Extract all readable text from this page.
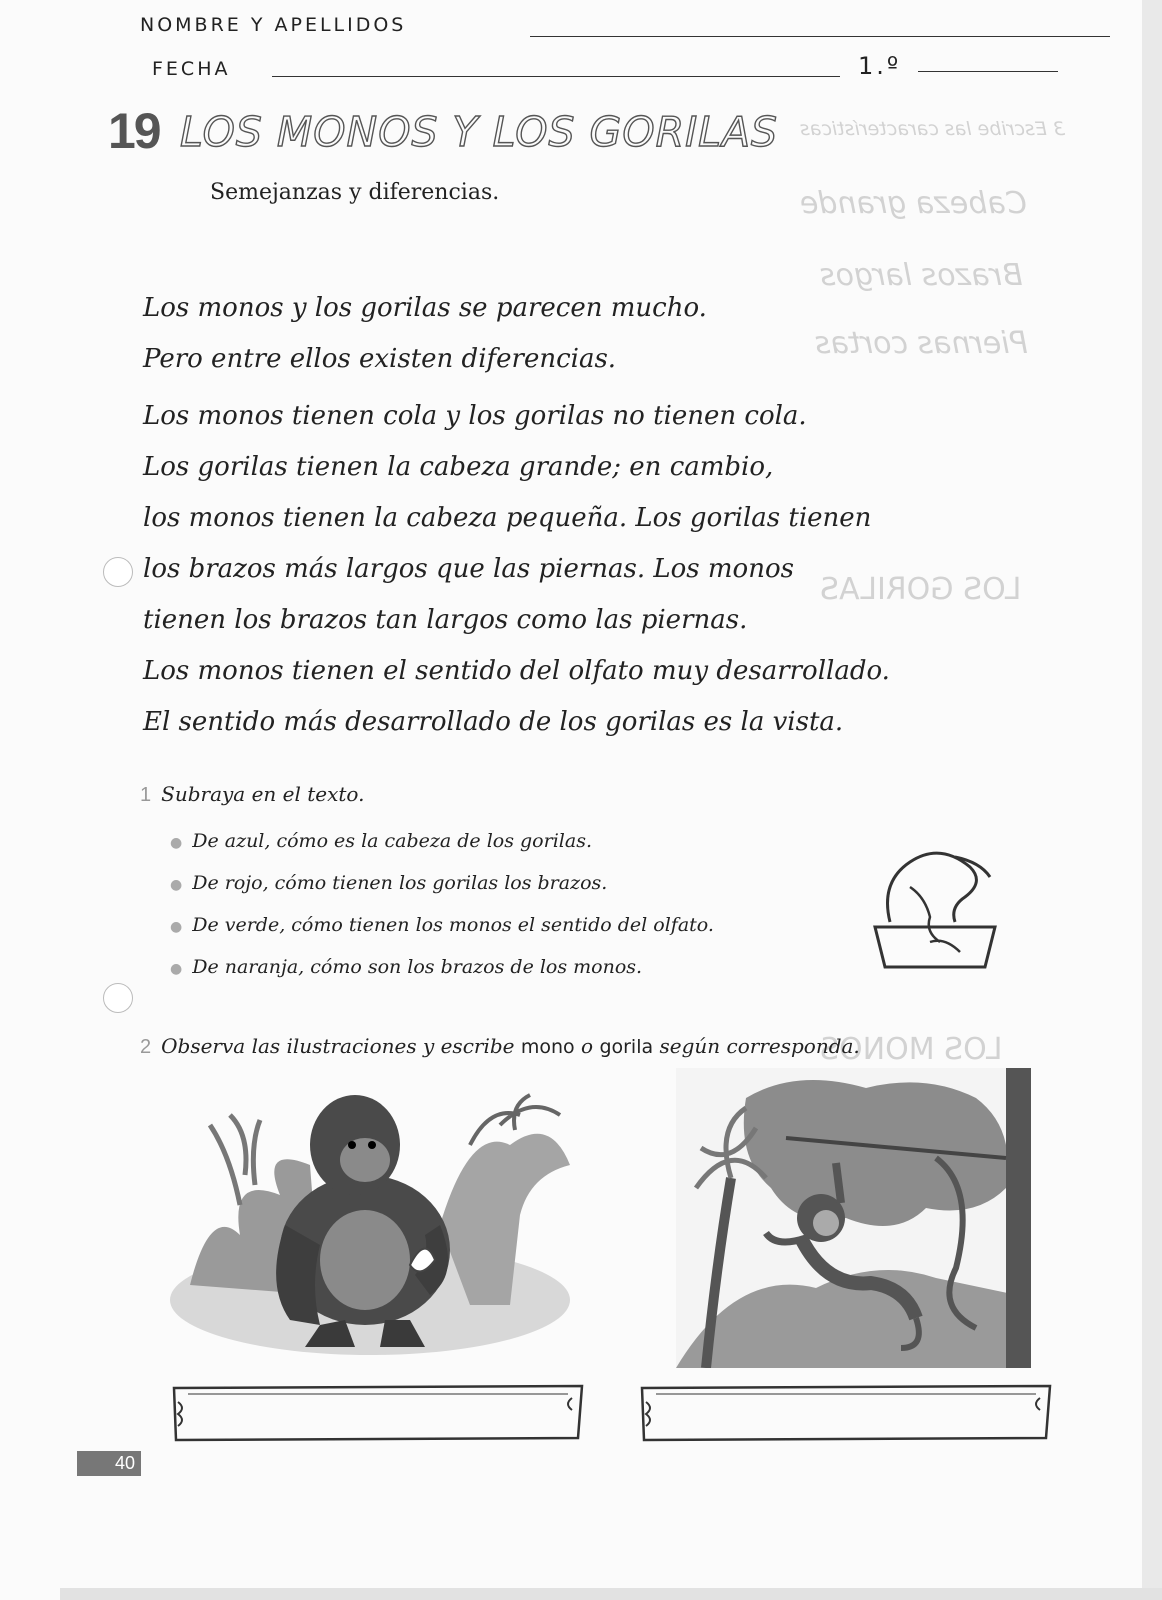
3 Escribe las características
Cabeza grande
Brazos largos
Piernas cortas
LOS GORILAS
LOS MONOS
NOMBRE Y APELLIDOS
FECHA	1.º
19 LOS MONOS Y LOS GORILAS
Semejanzas y diferencias.

Los monos y los gorilas se parecen mucho.

Pero entre ellos existen diferencias.

Los monos tienen cola y los gorilas no tienen cola.

Los gorilas tienen la cabeza grande; en cambio,

los monos tienen la cabeza pequeña. Los gorilas tienen

los brazos más largos que las piernas. Los monos

tienen los brazos tan largos como las piernas.

Los monos tienen el sentido del olfato muy desarrollado.

El sentido más desarrollado de los gorilas es la vista.

1 Subraya en el texto.
● De azul, cómo es la cabeza de los gorilas.
● De rojo, cómo tienen los gorilas los brazos.
● De verde, cómo tienen los monos el sentido del olfato.
● De naranja, cómo son los brazos de los monos.
2 Observa las ilustraciones y escribe mono o gorila según corresponda.
40
